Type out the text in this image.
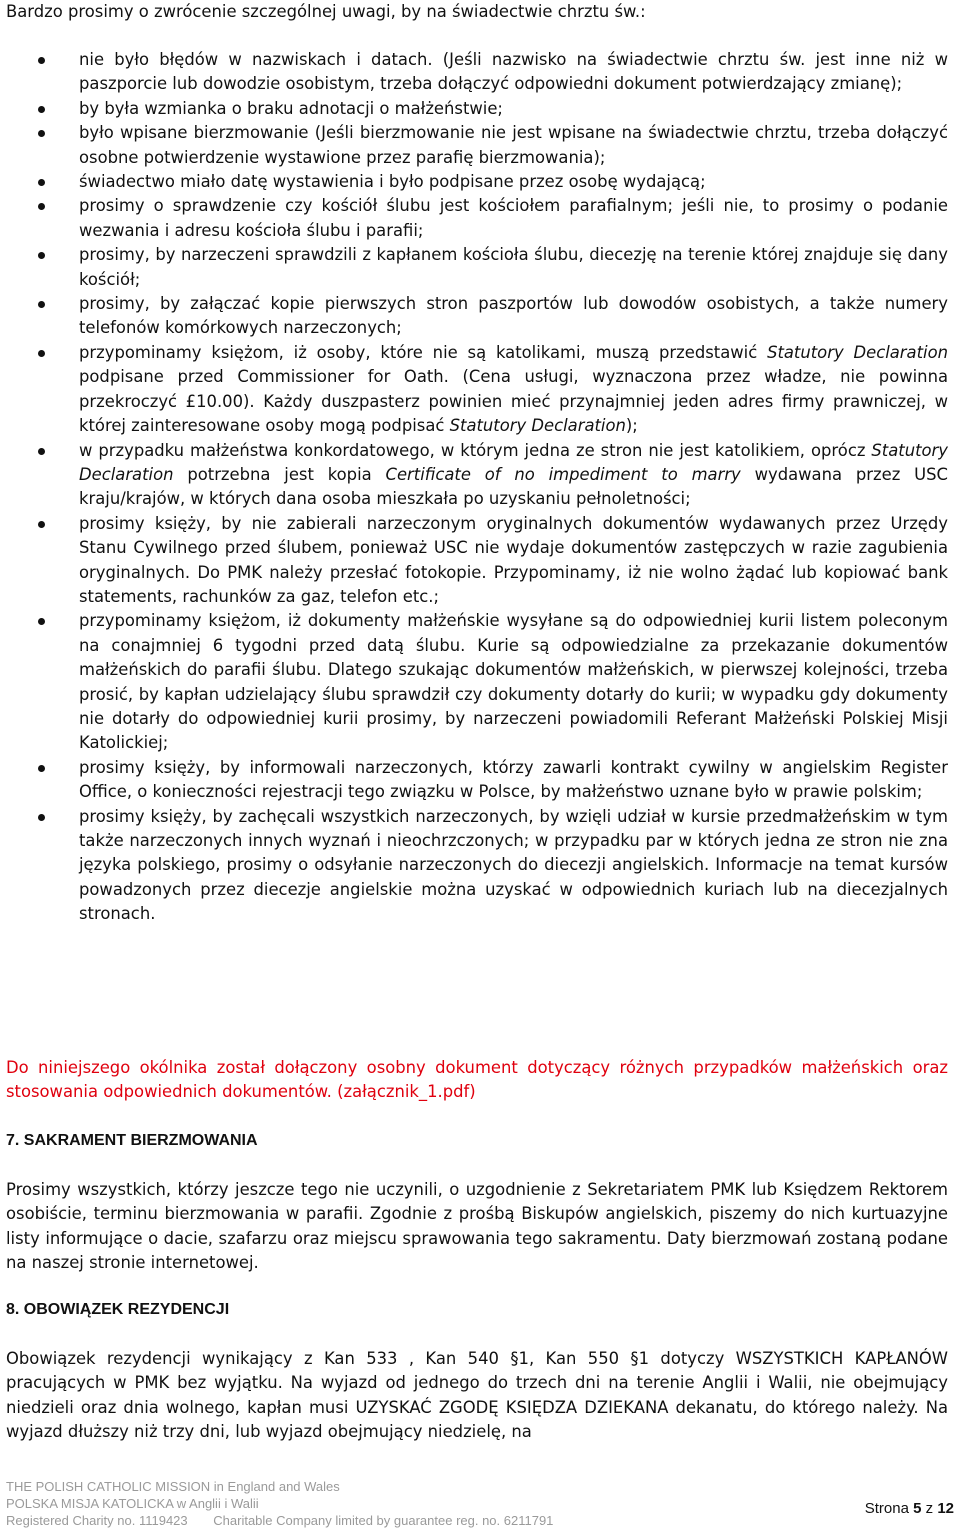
Bardzo prosimy o zwrócenie szczególnej uwagi, by na świadectwie chrztu św.:

nie było błędów w nazwiskach i datach. (Jeśli nazwisko na świadectwie chrztu św. jest inne niż w paszporcie lub dowodzie osobistym, trzeba dołączyć odpowiedni dokument potwierdzający zmianę);
by była wzmianka o braku adnotacji o małżeństwie;
było wpisane bierzmowanie (Jeśli bierzmowanie nie jest wpisane na świadectwie chrztu, trzeba dołączyć osobne potwierdzenie wystawione przez parafię bierzmowania);
świadectwo miało datę wystawienia i było podpisane przez osobę wydającą;
prosimy o sprawdzenie czy kościół ślubu jest kościołem parafialnym; jeśli nie, to prosimy o podanie wezwania i adresu kościoła ślubu i parafii;
prosimy, by narzeczeni sprawdzili z kapłanem kościoła ślubu, diecezję na terenie której znajduje się dany kościół;
prosimy, by załączać kopie pierwszych stron paszportów lub dowodów osobistych, a także numery telefonów komórkowych narzeczonych;
przypominamy księżom, iż osoby, które nie są katolikami, muszą przedstawić Statutory Declaration podpisane przed Commissioner for Oath. (Cena usługi, wyznaczona przez władze, nie powinna przekroczyć £10.00). Każdy duszpasterz powinien mieć przynajmniej jeden adres firmy prawniczej, w której zainteresowane osoby mogą podpisać Statutory Declaration);
w przypadku małżeństwa konkordatowego, w którym jedna ze stron nie jest katolikiem, oprócz Statutory Declaration potrzebna jest kopia Certificate of no impediment to marry wydawana przez USC kraju/krajów, w których dana osoba mieszkała po uzyskaniu pełnoletności;
prosimy księży, by nie zabierali narzeczonym oryginalnych dokumentów wydawanych przez Urzędy Stanu Cywilnego przed ślubem, ponieważ USC nie wydaje dokumentów zastępczych w razie zagubienia oryginalnych. Do PMK należy przesłać fotokopie. Przypominamy, iż nie wolno żądać lub kopiować bank statements, rachunków za gaz, telefon etc.;
przypominamy księżom, iż dokumenty małżeńskie wysyłane są do odpowiedniej kurii listem poleconym na conajmniej 6 tygodni przed datą ślubu. Kurie są odpowiedzialne za przekazanie dokumentów małżeńskich do parafii ślubu. Dlatego szukając dokumentów małżeńskich, w pierwszej kolejności, trzeba prosić, by kapłan udzielający ślubu sprawdził czy dokumenty dotarły do kurii; w wypadku gdy dokumenty nie dotarły do odpowiedniej kurii prosimy, by narzeczeni powiadomili Referant Małżeński Polskiej Misji Katolickiej;
prosimy księży, by informowali narzeczonych, którzy zawarli kontrakt cywilny w angielskim Register Office, o konieczności rejestracji tego związku w Polsce, by małżeństwo uznane było w prawie polskim;
prosimy księży, by zachęcali wszystkich narzeczonych, by wzięli udział w kursie przedmałżeńskim w tym także narzeczonych innych wyznań i nieochrzczonych; w przypadku par w których jedna ze stron nie zna języka polskiego, prosimy o odsyłanie narzeczonych do diecezji angielskich. Informacje na temat kursów powadzonych przez diecezje angielskie można uzyskać w odpowiednich kuriach lub na diecezjalnych stronach.

Do niniejszego okólnika został dołączony osobny dokument dotyczący różnych przypadków małżeńskich oraz stosowania odpowiednich dokumentów. (załącznik_1.pdf)

7. SAKRAMENT BIERZMOWANIA

Prosimy wszystkich, którzy jeszcze tego nie uczynili, o uzgodnienie z Sekretariatem PMK lub Księdzem Rektorem osobiście, terminu bierzmowania w parafii. Zgodnie z prośbą Biskupów angielskich, piszemy do nich kurtuazyjne listy informujące o dacie, szafarzu oraz miejscu sprawowania tego sakramentu. Daty bierzmowań zostaną podane na naszej stronie internetowej.

8. OBOWIĄZEK REZYDENCJI

Obowiązek rezydencji wynikający z Kan 533 , Kan 540 §1, Kan 550 §1 dotyczy WSZYSTKICH KAPŁANÓW pracujących w PMK bez wyjątku. Na wyjazd od jednego do trzech dni na terenie Anglii i Walii, nie obejmujący niedzieli oraz dnia wolnego, kapłan musi UZYSKAĆ ZGODĘ KSIĘDZA DZIEKANA dekanatu, do którego należy. Na wyjazd dłuższy niż trzy dni, lub wyjazd obejmujący niedzielę, na

THE POLISH CATHOLIC MISSION in England and Wales
POLSKA MISJA KATOLICKA w Anglii i Walii
Registered Charity no. 1119423 Charitable Company limited by guarantee reg. no. 6211791
Strona 5 z 12
